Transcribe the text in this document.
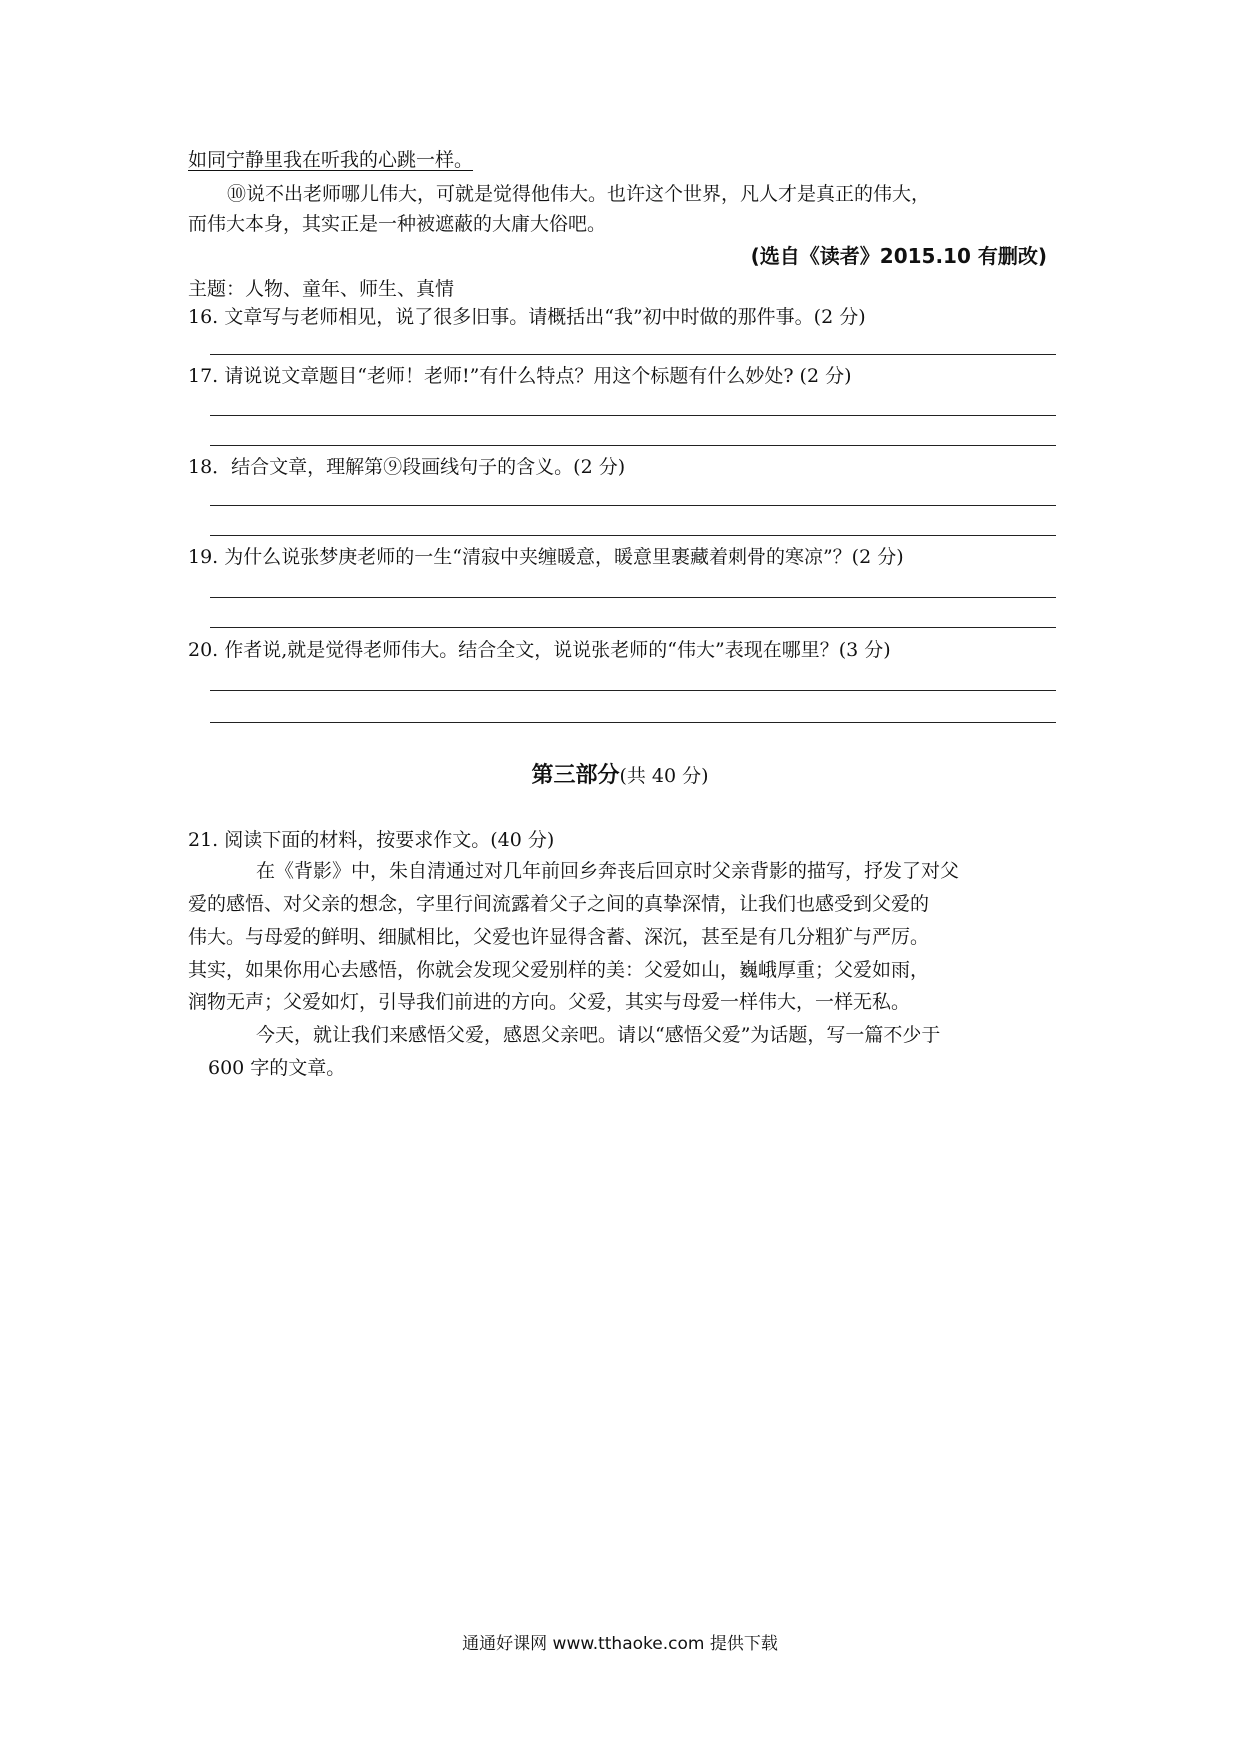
如同宁静里我在听我的心跳一样。
⑩说不出老师哪儿伟大，可就是觉得他伟大。也许这个世界，凡人才是真正的伟大，
而伟大本身，其实正是一种被遮蔽的大庸大俗吧。
(选自《读者》2015.10 有删改)
主题：人物、童年、师生、真情
16. 文章写与老师相见，说了很多旧事。请概括出“我”初中时做的那件事。(2 分)
17. 请说说文章题目“老师！老师!”有什么特点？用这个标题有什么妙处? (2 分)
18．结合文章，理解第⑨段画线句子的含义。(2 分)
19. 为什么说张梦庚老师的一生“清寂中夹缠暖意，暖意里裹藏着刺骨的寒凉”？(2 分)
20. 作者说,就是觉得老师伟大。结合全文，说说张老师的“伟大”表现在哪里？(3 分)
第三部分(共 40 分)
21. 阅读下面的材料，按要求作文。(40 分)
在《背影》中，朱自清通过对几年前回乡奔丧后回京时父亲背影的描写，抒发了对父
爱的感悟、对父亲的想念，字里行间流露着父子之间的真挚深情，让我们也感受到父爱的
伟大。与母爱的鲜明、细腻相比，父爱也许显得含蓄、深沉，甚至是有几分粗犷与严厉。
其实，如果你用心去感悟，你就会发现父爱别样的美：父爱如山，巍峨厚重；父爱如雨，
润物无声；父爱如灯，引导我们前进的方向。父爱，其实与母爱一样伟大，一样无私。
今天，就让我们来感悟父爱，感恩父亲吧。请以“感悟父爱”为话题，写一篇不少于
600 字的文章。
通通好课网 www.tthaoke.com 提供下载
